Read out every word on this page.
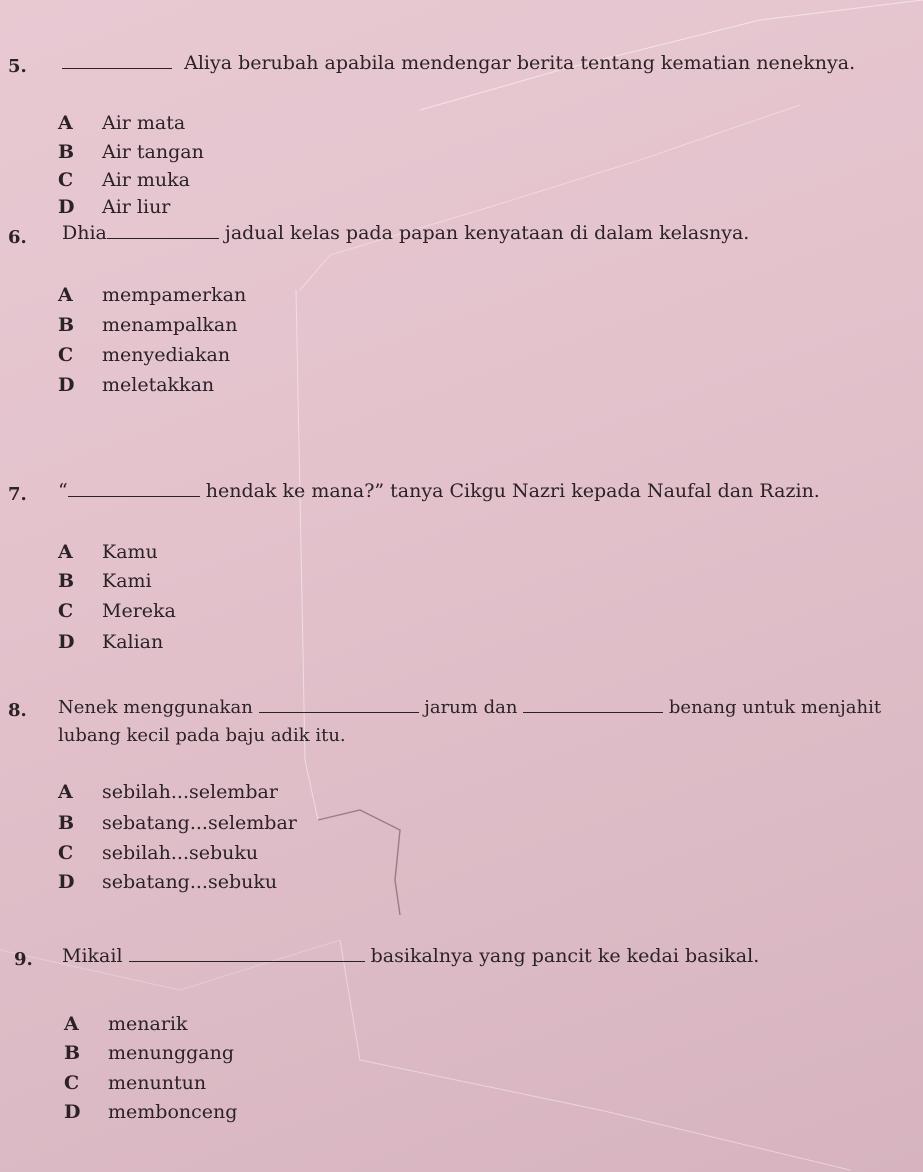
5.	Aliya berubah apabila mendengar berita tentang kematian neneknya.
A Air mata
B Air tangan
C Air muka
D Air liur
6. Dhia	jadual kelas pada papan kenyataan di dalam kelasnya.
A mempamerkan
B menampalkan
C menyediakan
D meletakkan
7. “	hendak ke mana?” tanya Cikgu Nazri kepada Naufal dan Razin.
A Kamu
B Kami
C Mereka
D Kalian
8. Nenek menggunakan	jarum dan	benang untuk menjahit
lubang kecil pada baju adik itu.
A sebilah...selembar
B sebatang...selembar
C sebilah...sebuku
D sebatang...sebuku
9. Mikail	basikalnya yang pancit ke kedai basikal.
A menarik
B menunggang
C menuntun
D membonceng
